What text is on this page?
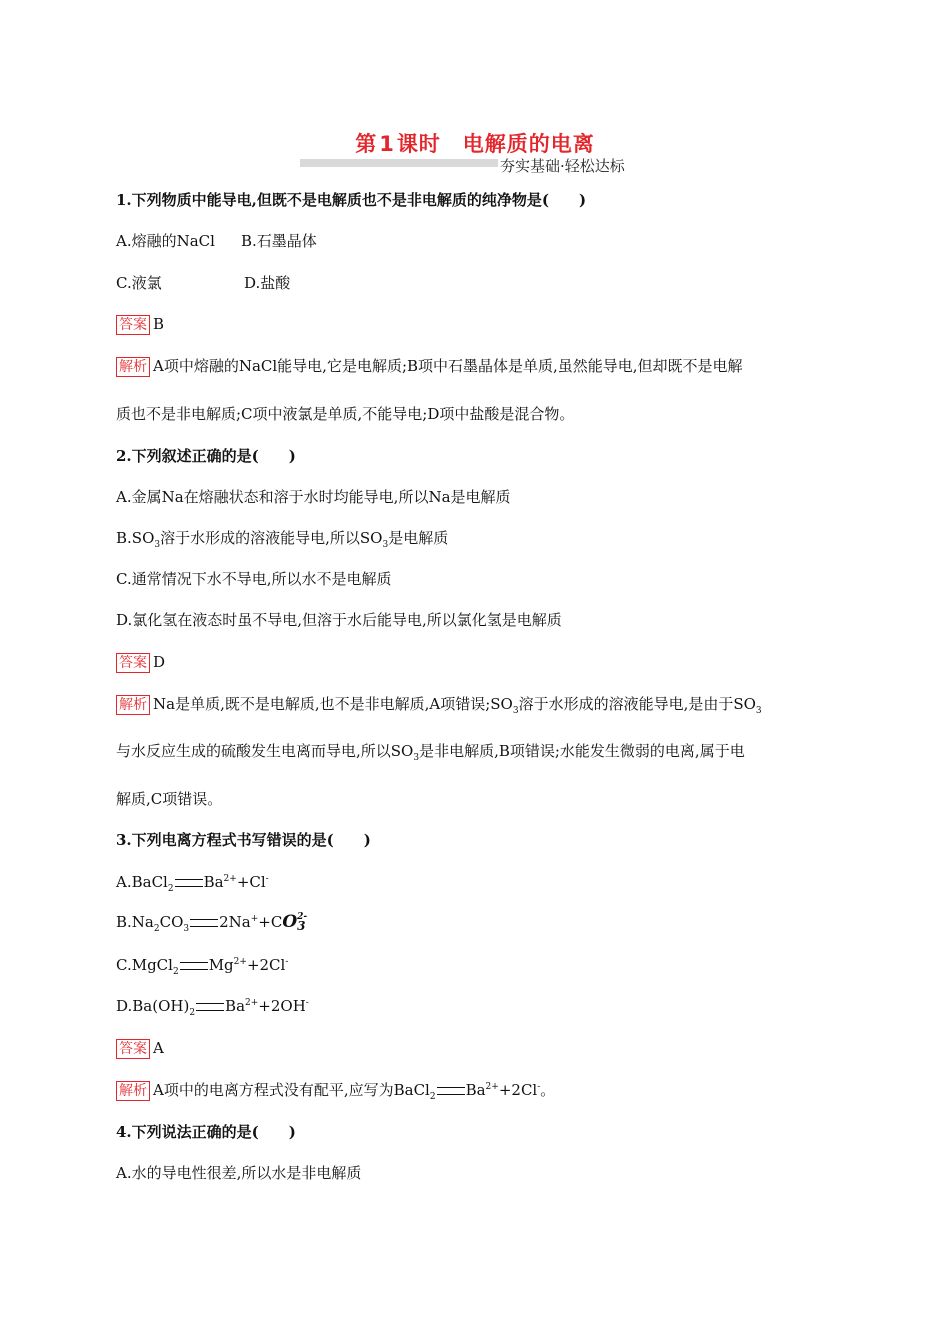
第1课时　电解质的电离
夯实基础·轻松达标
1.下列物质中能导电,但既不是电解质也不是非电解质的纯净物是(　　)
A.熔融的NaCl B.石墨晶体
C.液氯	D.盐酸
答案 B
解析 A项中熔融的NaCl能导电,它是电解质;B项中石墨晶体是单质,虽然能导电,但却既不是电解
质也不是非电解质;C项中液氯是单质,不能导电;D项中盐酸是混合物。
2.下列叙述正确的是(　　)
A.金属Na在熔融状态和溶于水时均能导电,所以Na是电解质
$B.SO_3$溶于水形成的溶液能导电,所以$SO_3$是电解质
C.通常情况下水不导电,所以水不是电解质
D.氯化氢在液态时虽不导电,但溶于水后能导电,所以氯化氢是电解质
答案 D
解析 Na是单质,既不是电解质,也不是非电解质,A项错误$;SO_3$溶于水形成的溶液能导电,是由于$SO_3$
与水反应生成的硫酸发生电离而导电,所以$SO_3$是非电解质,B项错误;水能发生微弱的电离,属于电
解质,C项错误。
3.下列电离方程式书写错误的是(　　)
A.BaCl$_2$ $Ba^{2+}+Cl^-$
$B.Na_2CO_3$ 2Na++CO2-
3
C.MgCl$_2$ $Mg^{2+}+2Cl^-$
$D.Ba(OH)_2$ $Ba^{2+}+2OH^-$
答案 A
解析 A项中的电离方程式没有配平,应写为BaCl$_2$ $Ba^{2+}+2Cl^-$。
4.下列说法正确的是(　　)
A.水的导电性很差,所以水是非电解质
